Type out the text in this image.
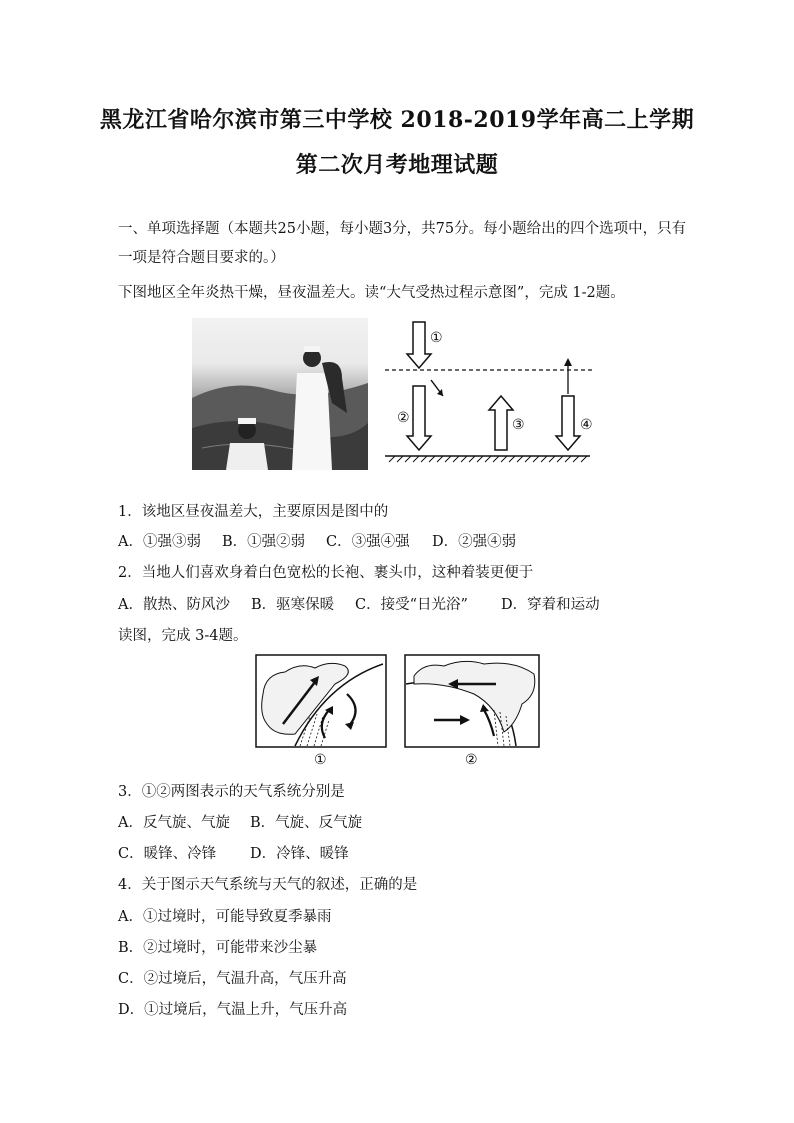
黑龙江省哈尔滨市第三中学校 2018-2019学年高二上学期
第二次月考地理试题
一、单项选择题（本题共25小题，每小题3分，共75分。每小题给出的四个选项中，只有
一项是符合题目要求的。）
下图地区全年炎热干燥，昼夜温差大。读“大气受热过程示意图”，完成 1-2题。
①
②	③	④
1．该地区昼夜温差大，主要原因是图中的
A．①强③弱 B．①强②弱 C．③强④强 D．②强④弱
2．当地人们喜欢身着白色宽松的长袍、裹头巾，这种着装更便于
A．散热、防风沙 B．驱寒保暖 C．接受“日光浴” D．穿着和运动
读图，完成 3-4题。
①	②
3．①②两图表示的天气系统分别是
A．反气旋、气旋 B．气旋、反气旋
C．暖锋、冷锋 D．冷锋、暖锋
4．关于图示天气系统与天气的叙述，正确的是
A．①过境时，可能导致夏季暴雨
B．②过境时，可能带来沙尘暴
C．②过境后，气温升高，气压升高
D．①过境后，气温上升，气压升高
